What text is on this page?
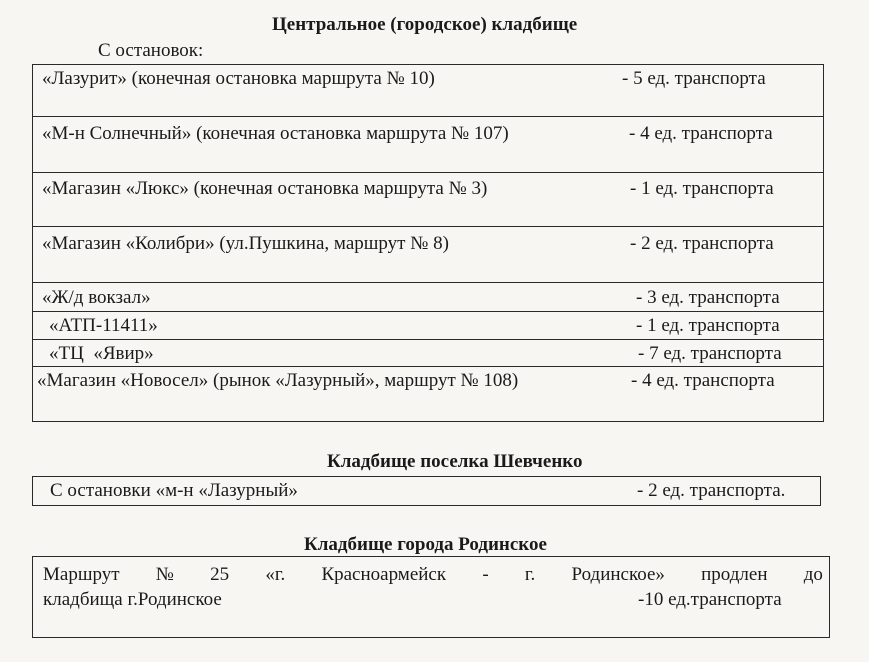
Центральное (городское) кладбище
С остановок:
«Лазурит» (конечная остановка маршрута № 10)	- 5 ед. транспорта
«М-н Солнечный» (конечная остановка маршрута № 107)	- 4 ед. транспорта
«Магазин «Люкс» (конечная остановка маршрута № 3)	- 1 ед. транспорта
«Магазин «Колибри» (ул.Пушкина, маршрут № 8)	- 2 ед. транспорта
«Ж/д вокзал»	- 3 ед. транспорта
«АТП-11411»	- 1 ед. транспорта
«ТЦ  «Явир»	- 7 ед. транспорта
«Магазин «Новосел» (рынок «Лазурный», маршрут № 108)	- 4 ед. транспорта
Кладбище поселка Шевченко
С остановки «м-н «Лазурный»	- 2 ед. транспорта.
Кладбище города Родинское
Маршрут № 25 «г. Красноармейск - г. Родинское» продлен до
кладбища г.Родинское	-10 ед.транспорта
